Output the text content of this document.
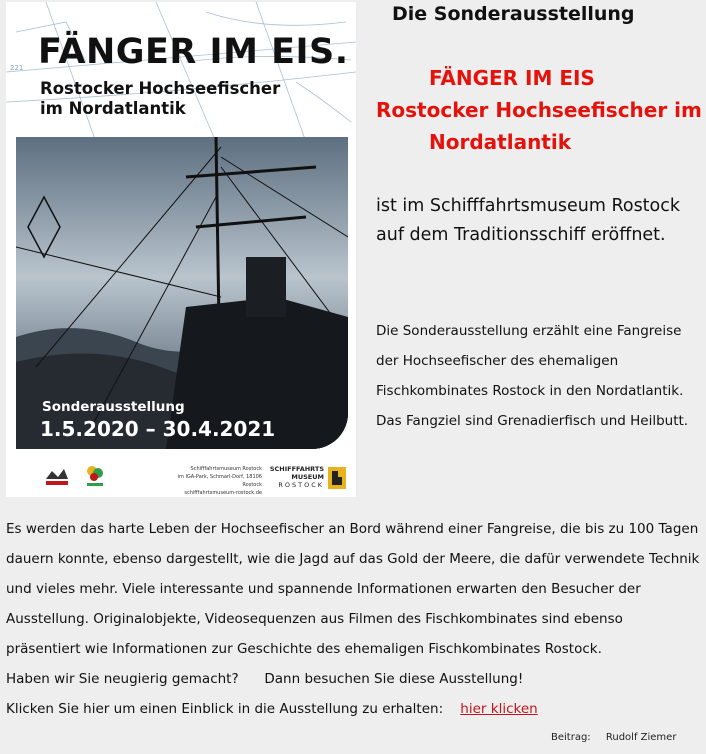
221 FÄNGER IM EIS.
Rostocker Hochseefischer
im Nordatlantik
Sonderausstellung
1.5.2020 – 30.4.2021
Schifffahrtsmuseum Rostock
im IGA-Park, Schmarl-Dorf, 18106 Rostock
schifffahrtsmuseum-rostock.de
SCHIFFFAHRTS
MUSEUM
ROSTOCK
Die Sonderausstellung
FÄNGER IM EIS
Rostocker Hochseefischer im
Nordatlantik
ist im Schifffahrtsmuseum Rostock
auf dem Traditionsschiff eröffnet.
Die Sonderausstellung erzählt eine Fangreise
der Hochseefischer des ehemaligen
Fischkombinates Rostock in den Nordatlantik.
Das Fangziel sind Grenadierfisch und Heilbutt.
Es werden das harte Leben der Hochseefischer an Bord während einer Fangreise, die bis zu 100 Tagen
dauern konnte, ebenso dargestellt, wie die Jagd auf das Gold der Meere, die dafür verwendete Technik
und vieles mehr. Viele interessante und spannende Informationen erwarten den Besucher der
Ausstellung. Originalobjekte, Videosequenzen aus Filmen des Fischkombinates sind ebenso
präsentiert wie Informationen zur Geschichte des ehemaligen Fischkombinates Rostock.
Haben wir Sie neugierig gemacht?      Dann besuchen Sie diese Ausstellung!
Klicken Sie hier um einen Einblick in die Ausstellung zu erhalten: hier klicken
Beitrag: Rudolf Ziemer
